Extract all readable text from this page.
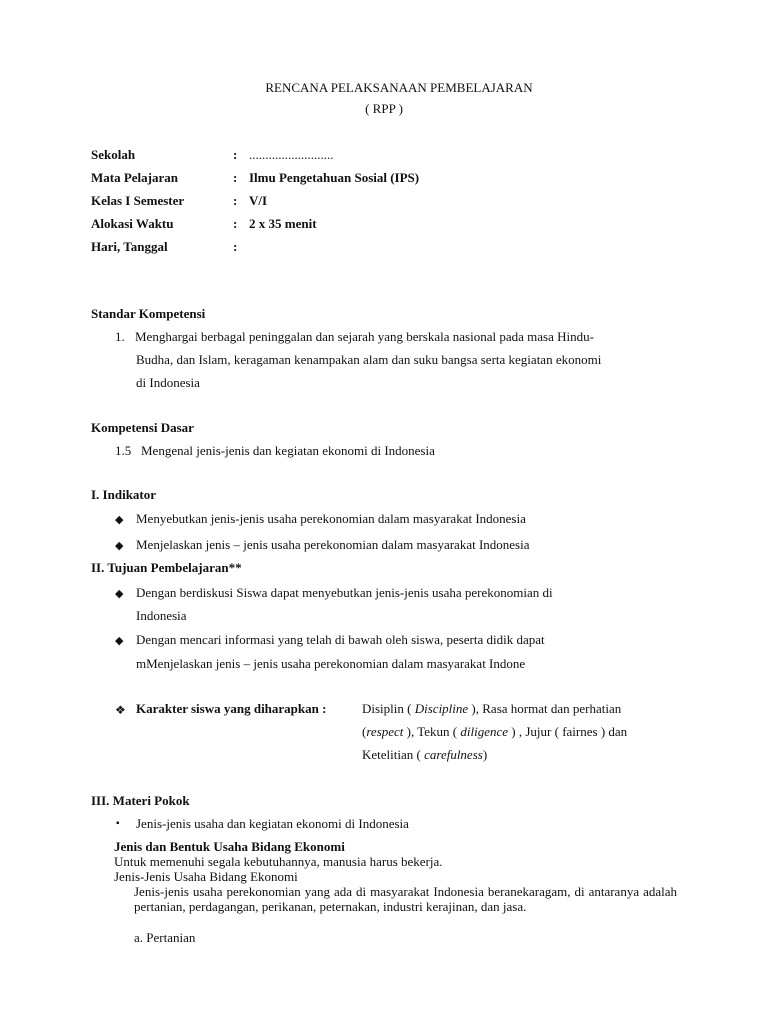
RENCANA PELAKSANAAN PEMBELAJARAN
( RPP )
Sekolah	: ..........................
Mata Pelajaran	: Ilmu Pengetahuan Sosial (IPS)
Kelas I Semester	: V/I
Alokasi Waktu	: 2 x 35 menit
Hari, Tanggal	:
Standar Kompetensi
1. Menghargai berbagal peninggalan dan sejarah yang berskala nasional pada masa Hindu-
Budha, dan Islam, keragaman kenampakan alam dan suku bangsa serta kegiatan ekonomi
di Indonesia
Kompetensi Dasar
1.5 Mengenal jenis-jenis dan kegiatan ekonomi di Indonesia
I. Indikator
◆ Menyebutkan jenis-jenis usaha perekonomian dalam masyarakat Indonesia
◆ Menjelaskan jenis – jenis usaha perekonomian dalam masyarakat Indonesia
II. Tujuan Pembelajaran**
◆ Dengan berdiskusi Siswa dapat menyebutkan jenis-jenis usaha perekonomian di
Indonesia
◆ Dengan mencari informasi yang telah di bawah oleh siswa, peserta didik dapat
mMenjelaskan jenis – jenis usaha perekonomian dalam masyarakat Indone
❖ Karakter siswa yang diharapkan :	Disiplin ( Discipline ), Rasa hormat dan perhatian
(respect ), Tekun ( diligence ) , Jujur ( fairnes ) dan
Ketelitian ( carefulness)
III. Materi Pokok
▪ Jenis-jenis usaha dan kegiatan ekonomi di Indonesia
Jenis dan Bentuk Usaha Bidang Ekonomi
Untuk memenuhi segala kebutuhannya, manusia harus bekerja.
Jenis-Jenis Usaha Bidang Ekonomi
Jenis-jenis usaha perekonomian yang ada di masyarakat Indonesia beranekaragam, di antaranya adalah pertanian, perdagangan, perikanan, peternakan, industri kerajinan, dan jasa.
a. Pertanian
